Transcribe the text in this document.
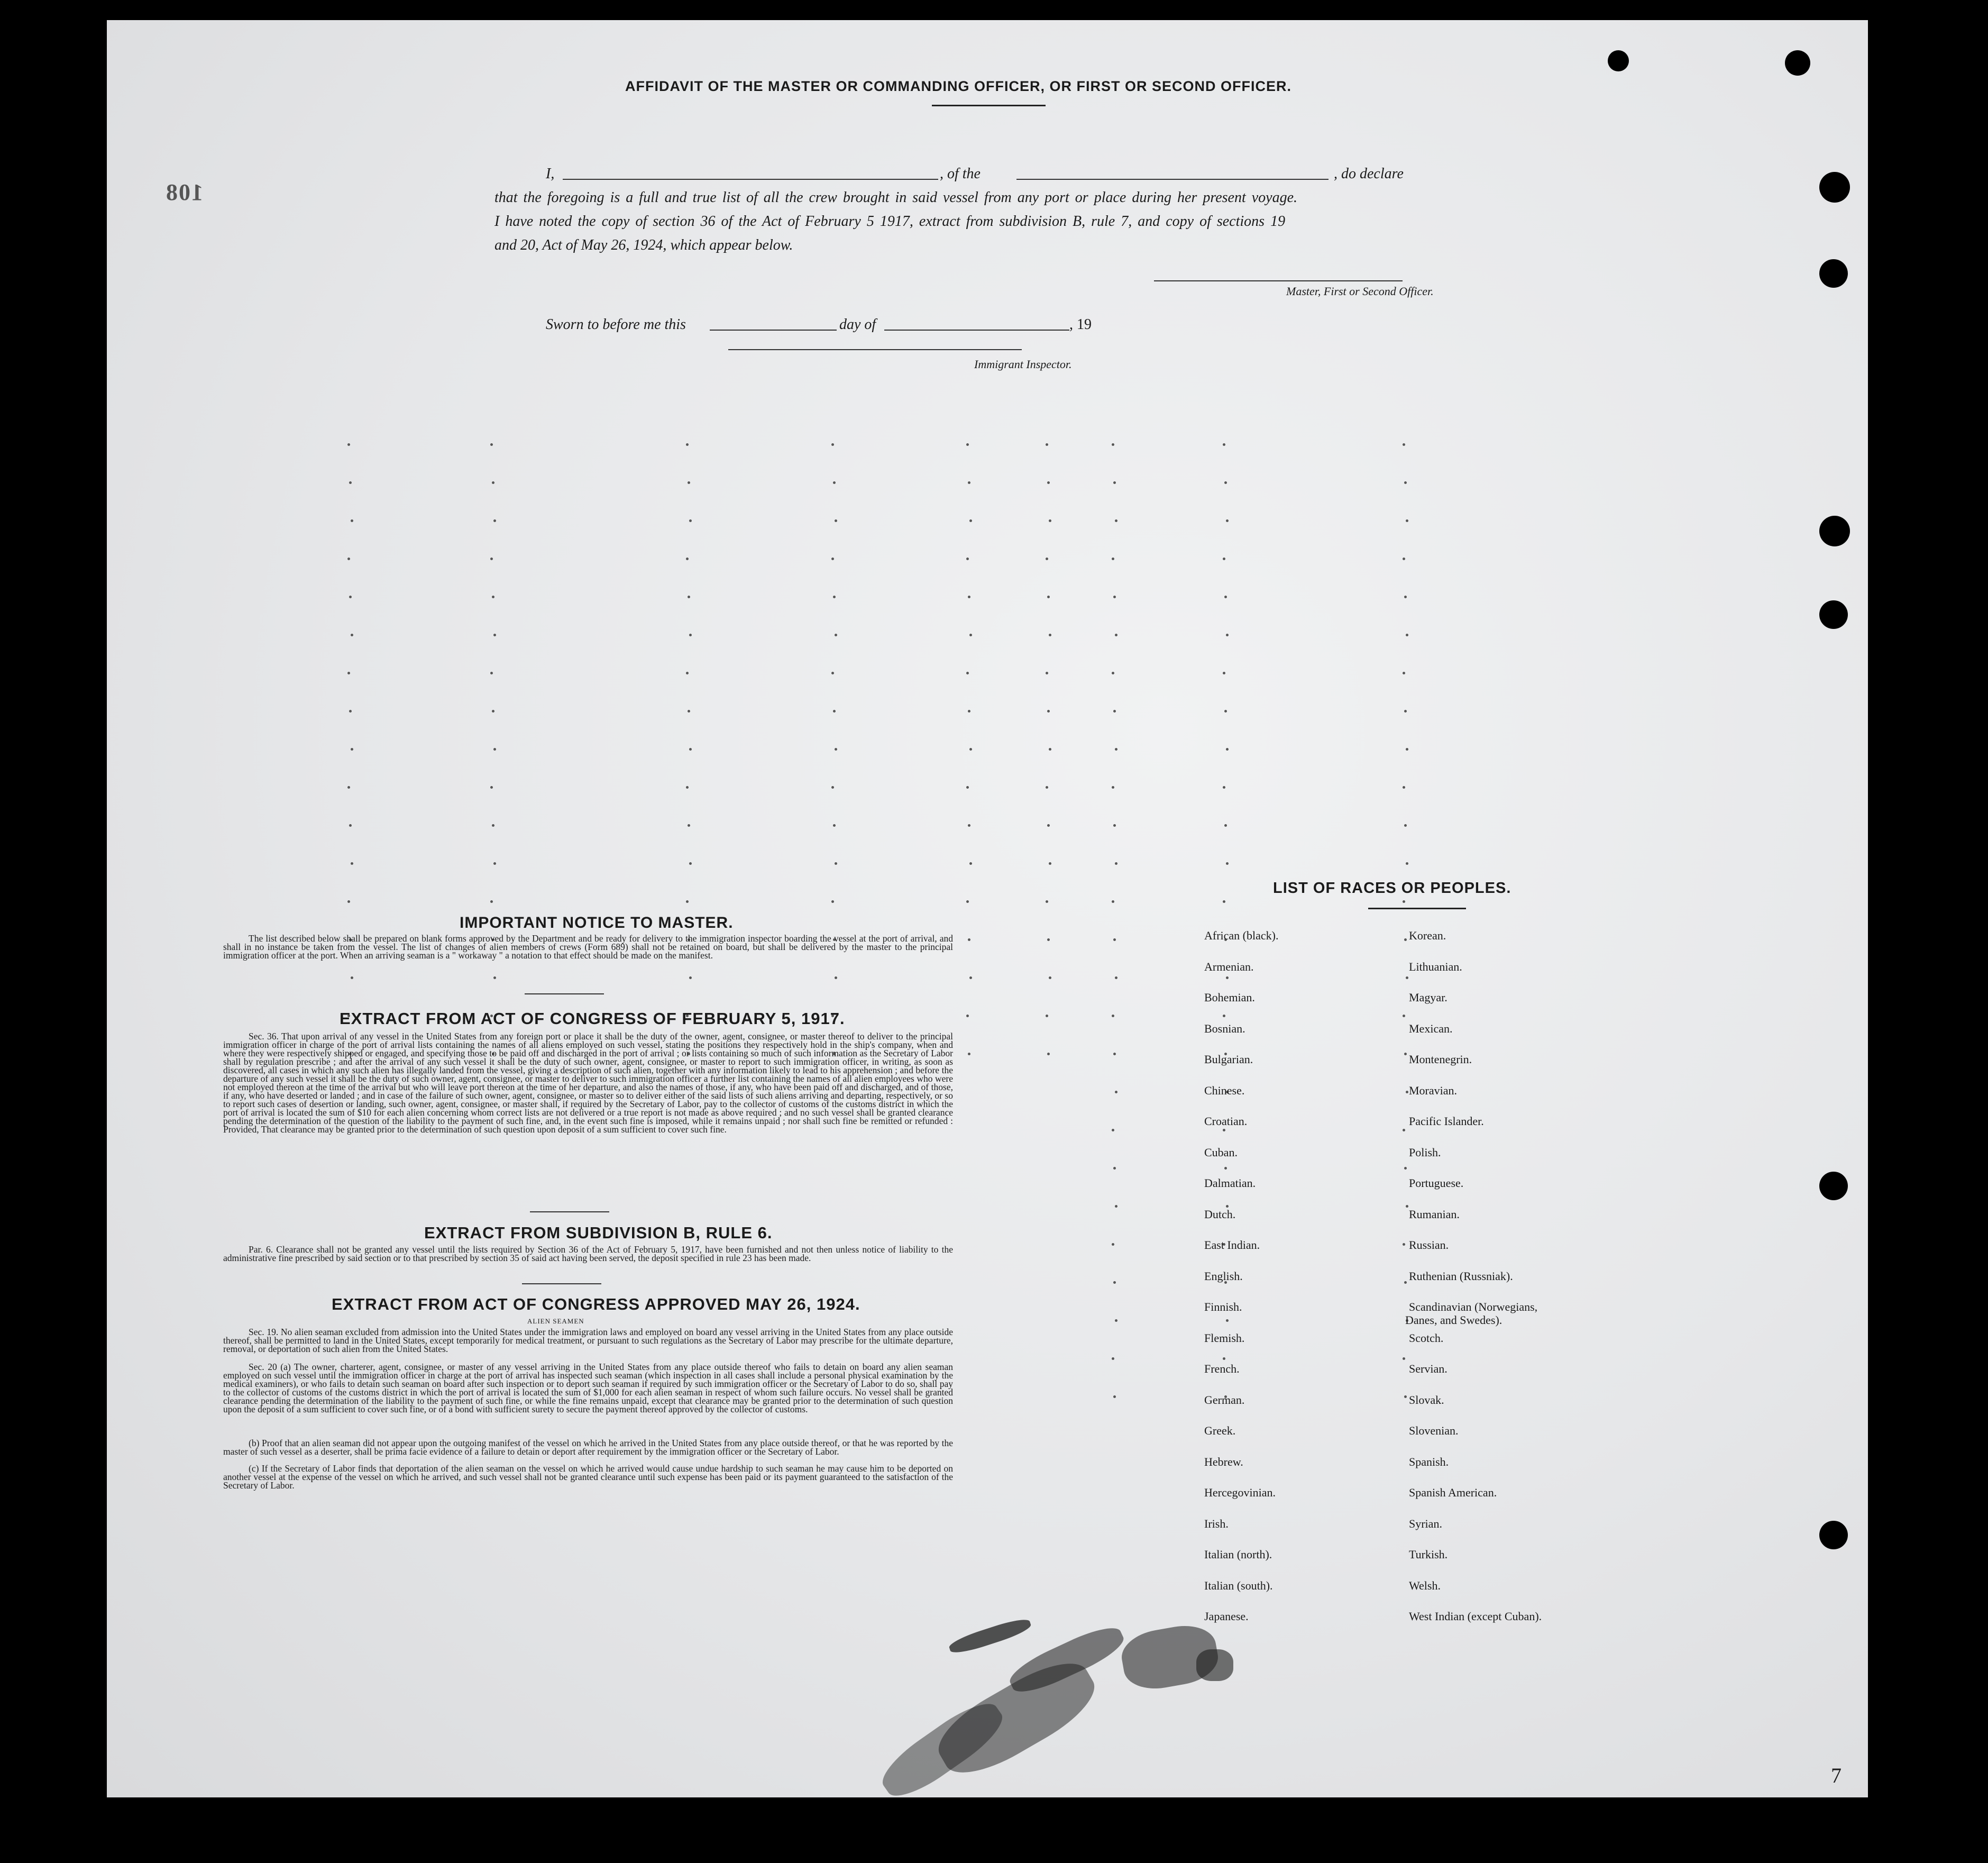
108
AFFIDAVIT OF THE MASTER OR COMMANDING OFFICER, OR FIRST OR SECOND OFFICER.
I,	, of the	, do declare
that the foregoing is a full and true list of all the crew brought in said vessel from any port or place during her present voyage.
I have noted the copy of section 36 of the Act of February 5 1917, extract from subdivision B, rule 7, and copy of sections 19
and 20, Act of May 26, 1924, which appear below.
Master, First or Second Officer.
Sworn to before me this	day of	, 19
Immigrant Inspector.
IMPORTANT NOTICE TO MASTER.
The list described below shall be prepared on blank forms approved by the Department and be ready for delivery to the immigration inspector boarding the vessel at the port of arrival, and shall in no instance be taken from the vessel. The list of changes of alien members of crews (Form 689) shall not be retained on board, but shall be delivered by the master to the principal immigration officer at the port. When an arriving seaman is a " workaway " a notation to that effect should be made on the manifest.
EXTRACT FROM ACT OF CONGRESS OF FEBRUARY 5, 1917.
Sec. 36. That upon arrival of any vessel in the United States from any foreign port or place it shall be the duty of the owner, agent, consignee, or master thereof to deliver to the principal immigration officer in charge of the port of arrival lists containing the names of all aliens employed on such vessel, stating the positions they respectively hold in the ship's company, when and where they were respectively shipped or engaged, and specifying those to be paid off and discharged in the port of arrival ; or lists containing so much of such information as the Secretary of Labor shall by regulation prescribe ; and after the arrival of any such vessel it shall be the duty of such owner, agent, consignee, or master to report to such immigration officer, in writing, as soon as discovered, all cases in which any such alien has illegally landed from the vessel, giving a description of such alien, together with any information likely to lead to his apprehension ; and before the departure of any such vessel it shall be the duty of such owner, agent, consignee, or master to deliver to such immigration officer a further list containing the names of all alien employees who were not employed thereon at the time of the arrival but who will leave port thereon at the time of her departure, and also the names of those, if any, who have been paid off and discharged, and of those, if any, who have deserted or landed ; and in case of the failure of such owner, agent, consignee, or master so to deliver either of the said lists of such aliens arriving and departing, respectively, or so to report such cases of desertion or landing, such owner, agent, consignee, or master shall, if required by the Secretary of Labor, pay to the collector of customs of the customs district in which the port of arrival is located the sum of $10 for each alien concerning whom correct lists are not delivered or a true report is not made as above required ; and no such vessel shall be granted clearance pending the determination of the question of the liability to the payment of such fine, and, in the event such fine is imposed, while it remains unpaid ; nor shall such fine be remitted or refunded : Provided, That clearance may be granted prior to the determination of such question upon deposit of a sum sufficient to cover such fine.
EXTRACT FROM SUBDIVISION B, RULE 6.
Par. 6. Clearance shall not be granted any vessel until the lists required by Section 36 of the Act of February 5, 1917, have been furnished and not then unless notice of liability to the administrative fine prescribed by said section or to that prescribed by section 35 of said act having been served, the deposit specified in rule 23 has been made.
EXTRACT FROM ACT OF CONGRESS APPROVED MAY 26, 1924.
ALIEN SEAMEN
Sec. 19. No alien seaman excluded from admission into the United States under the immigration laws and employed on board any vessel arriving in the United States from any place outside thereof, shall be permitted to land in the United States, except temporarily for medical treatment, or pursuant to such regulations as the Secretary of Labor may prescribe for the ultimate departure, removal, or deportation of such alien from the United States.
Sec. 20 (a) The owner, charterer, agent, consignee, or master of any vessel arriving in the United States from any place outside thereof who fails to detain on board any alien seaman employed on such vessel until the immigration officer in charge at the port of arrival has inspected such seaman (which inspection in all cases shall include a personal physical examination by the medical examiners), or who fails to detain such seaman on board after such inspection or to deport such seaman if required by such immigration officer or the Secretary of Labor to do so, shall pay to the collector of customs of the customs district in which the port of arrival is located the sum of $1,000 for each alien seaman in respect of whom such failure occurs. No vessel shall be granted clearance pending the determination of the liability to the payment of such fine, or while the fine remains unpaid, except that clearance may be granted prior to the determination of such question upon the deposit of a sum sufficient to cover such fine, or of a bond with sufficient surety to secure the payment thereof approved by the collector of customs.
(b) Proof that an alien seaman did not appear upon the outgoing manifest of the vessel on which he arrived in the United States from any place outside thereof, or that he was reported by the master of such vessel as a deserter, shall be prima facie evidence of a failure to detain or deport after requirement by the immigration officer or the Secretary of Labor.
(c) If the Secretary of Labor finds that deportation of the alien seaman on the vessel on which he arrived would cause undue hardship to such seaman he may cause him to be deported on another vessel at the expense of the vessel on which he arrived, and such vessel shall not be granted clearance until such expense has been paid or its payment guaranteed to the satisfaction of the Secretary of Labor.
LIST OF RACES OR PEOPLES.
African (black).
Armenian.
Bohemian.
Bosnian.
Bulgarian.
Chinese.
Croatian.
Cuban.
Dalmatian.
Dutch.
East Indian.
English.
Finnish.
Flemish.
French.
German.
Greek.
Hebrew.
Hercegovinian.
Irish.
Italian (north).
Italian (south).
Japanese.
Korean.
Lithuanian.
Magyar.
Mexican.
Montenegrin.
Moravian.
Pacific Islander.
Polish.
Portuguese.
Rumanian.
Russian.
Ruthenian (Russniak).
Scandinavian (Norwegians,
Scotch.
Servian.
Slovak.
Slovenian.
Spanish.
Spanish American.
Syrian.
Turkish.
Welsh.
West Indian (except Cuban).
Danes, and Swedes).
7
